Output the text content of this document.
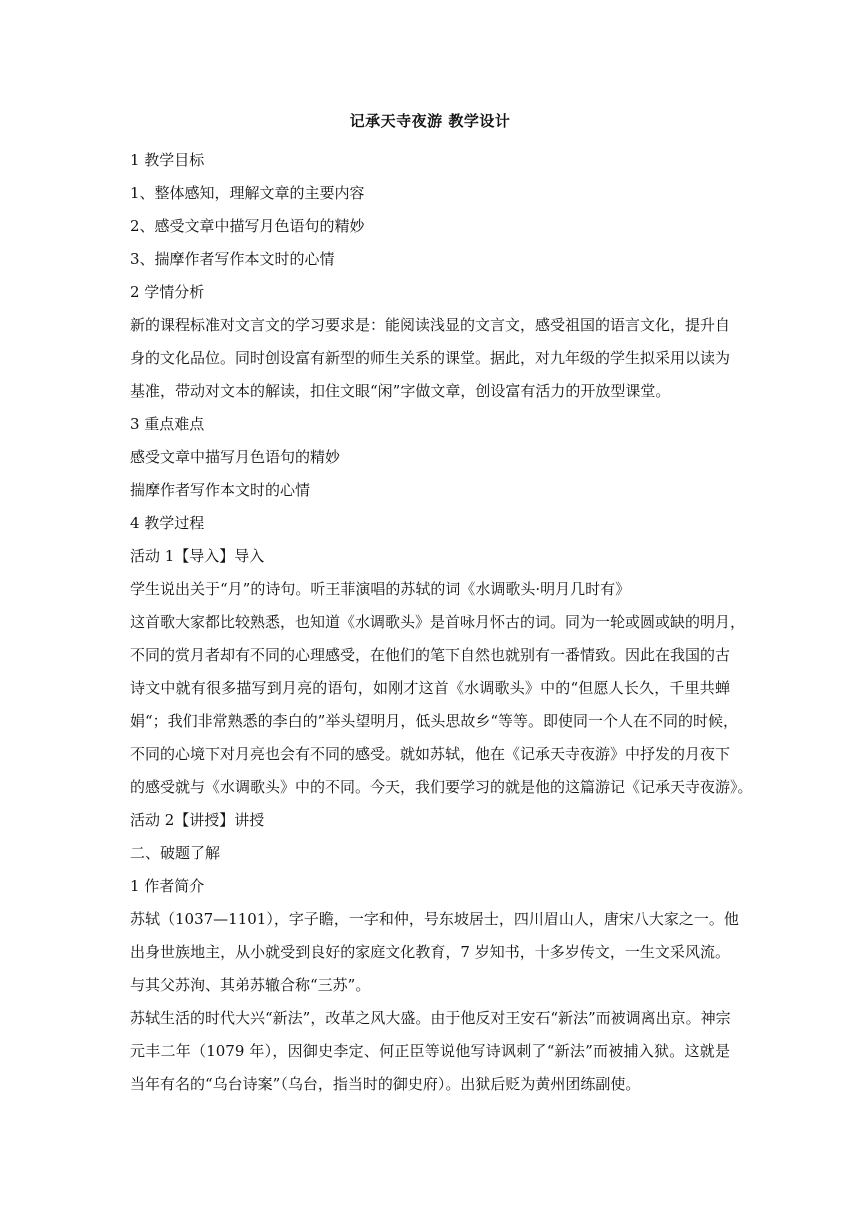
记承天寺夜游 教学设计

1 教学目标

1、整体感知，理解文章的主要内容

2、感受文章中描写月色语句的精妙

3、揣摩作者写作本文时的心情

2 学情分析

新的课程标准对文言文的学习要求是：能阅读浅显的文言文，感受祖国的语言文化，提升自
身的文化品位。同时创设富有新型的师生关系的课堂。据此，对九年级的学生拟采用以读为
基准，带动对文本的解读，扣住文眼“闲”字做文章，创设富有活力的开放型课堂。

3 重点难点

感受文章中描写月色语句的精妙

揣摩作者写作本文时的心情

4 教学过程

活动 1【导入】导入

学生说出关于“月”的诗句。听王菲演唱的苏轼的词《水调歌头·明月几时有》

这首歌大家都比较熟悉，也知道《水调歌头》是首咏月怀古的词。同为一轮或圆或缺的明月，
不同的赏月者却有不同的心理感受，在他们的笔下自然也就别有一番情致。因此在我国的古
诗文中就有很多描写到月亮的语句，如刚才这首《水调歌头》中的“但愿人长久，千里共蝉
娟“；我们非常熟悉的李白的”举头望明月，低头思故乡“等等。即使同一个人在不同的时候，
不同的心境下对月亮也会有不同的感受。就如苏轼，他在《记承天寺夜游》中抒发的月夜下
的感受就与《水调歌头》中的不同。今天，我们要学习的就是他的这篇游记《记承天寺夜游》。

活动 2【讲授】讲授

二、破题了解

1 作者简介

苏轼（1037—1101），字子瞻，一字和仲，号东坡居士，四川眉山人，唐宋八大家之一。他
出身世族地主，从小就受到良好的家庭文化教育，7 岁知书，十多岁传文，一生文采风流。
与其父苏洵、其弟苏辙合称“三苏”。
苏轼生活的时代大兴“新法”，改革之风大盛。由于他反对王安石“新法”而被调离出京。神宗
元丰二年（1079 年），因御史李定、何正臣等说他写诗讽刺了“新法”而被捕入狱。这就是
当年有名的“乌台诗案”（乌台，指当时的御史府）。出狱后贬为黄州团练副使。
